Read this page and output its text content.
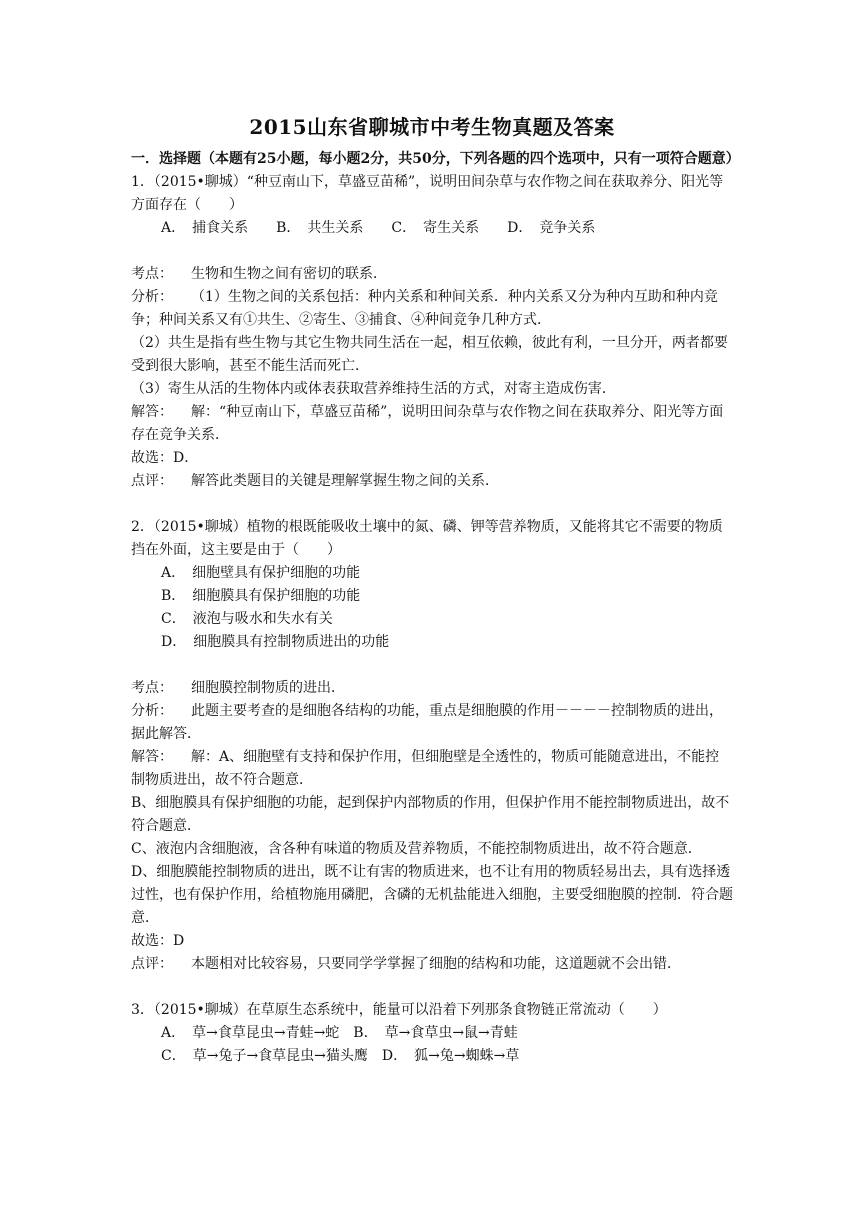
2015山东省聊城市中考生物真题及答案

一．选择题（本题有25小题，每小题2分，共50分，下列各题的四个选项中，只有一项符合题意）

1．（2015•聊城）“种豆南山下，草盛豆苗稀”，说明田间杂草与农作物之间在获取养分、阳光等方面存在（　　）

A．　捕食关系　　 B．　共生关系　　 C．　寄生关系　　 D．　竞争关系

考点： 生物和生物之间有密切的联系．

分析： （1）生物之间的关系包括：种内关系和种间关系．种内关系又分为种内互助和种内竞争；种间关系又有①共生、②寄生、③捕食、④种间竞争几种方式．

（2）共生是指有些生物与其它生物共同生活在一起，相互依赖，彼此有利，一旦分开，两者都要受到很大影响，甚至不能生活而死亡．

（3）寄生从活的生物体内或体表获取营养维持生活的方式，对寄主造成伤害．

解答： 解：“种豆南山下，草盛豆苗稀”，说明田间杂草与农作物之间在获取养分、阳光等方面存在竞争关系．

故选：D．

点评： 解答此类题目的关键是理解掌握生物之间的关系．

2．（2015•聊城）植物的根既能吸收土壤中的氮、磷、钾等营养物质，又能将其它不需要的物质挡在外面，这主要是由于（　　）

A．　细胞壁具有保护细胞的功能
B．　细胞膜具有保护细胞的功能
C．　液泡与吸水和失水有关
D．　细胞膜具有控制物质进出的功能

考点： 细胞膜控制物质的进出．

分析： 此题主要考查的是细胞各结构的功能，重点是细胞膜的作用－－－－控制物质的进出，据此解答．

解答： 解：A、细胞壁有支持和保护作用，但细胞壁是全透性的，物质可能随意进出，不能控制物质进出，故不符合题意．

B、细胞膜具有保护细胞的功能，起到保护内部物质的作用，但保护作用不能控制物质进出，故不符合题意．

C、液泡内含细胞液，含各种有味道的物质及营养物质，不能控制物质进出，故不符合题意．

D、细胞膜能控制物质的进出，既不让有害的物质进来，也不让有用的物质轻易出去，具有选择透过性，也有保护作用，给植物施用磷肥，含磷的无机盐能进入细胞，主要受细胞膜的控制．符合题意．

故选：D

点评： 本题相对比较容易，只要同学学掌握了细胞的结构和功能，这道题就不会出错．

3．（2015•聊城）在草原生态系统中，能量可以沿着下列那条食物链正常流动（　　）

A．　草→食草昆虫→青蛙→蛇　B．　草→食草虫→鼠→青蛙
C．　草→兔子→食草昆虫→猫头鹰　D．　狐→兔→蜘蛛→草
